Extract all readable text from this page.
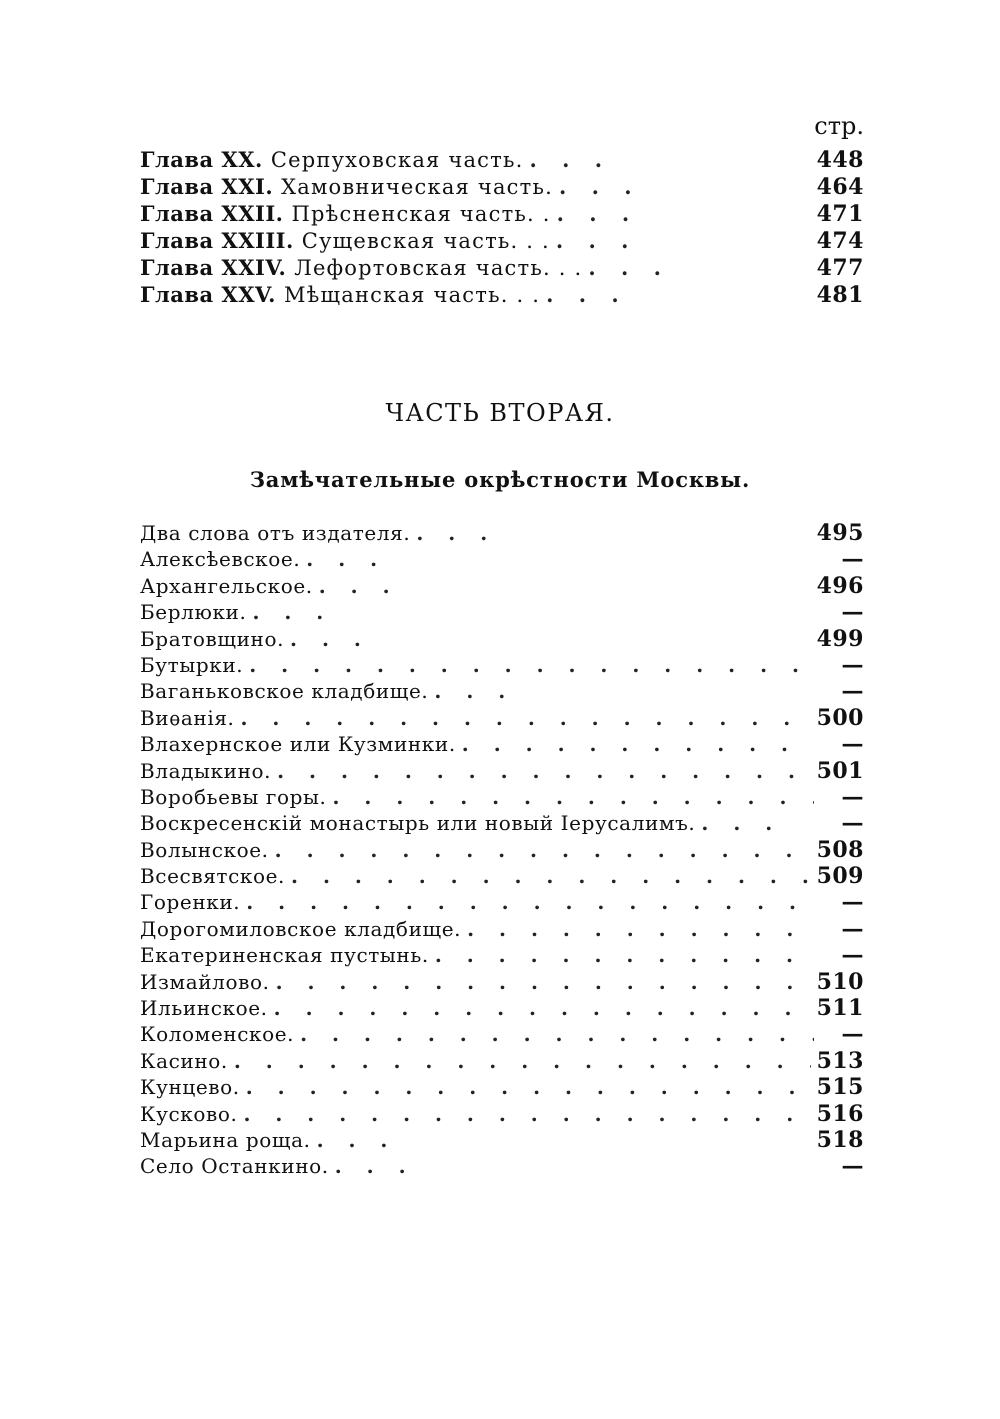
стр.
Глава XX. Серпуховская часть. . . .	448
Глава XXI. Хамовническая часть. . . .	464
Глава XXII. Прѣсненская часть. . . . .	471
Глава XXIII. Сущевская часть. . . . . .	474
Глава XXIV. Лефортовская часть. . . . . .	477
Глава XXV. Мѣщанская часть. . . . . .	481
ЧАСТЬ ВТОРАЯ.
Замѣчательные окрѣстности Москвы.
Два слова отъ издателя. . . .	495
Алексѣевское. . . .	—
Архангельское. . . .	496
Берлюки. . . .	—
Братовщино. . . .	499
Бутырки. . . .	—
Ваганьковское кладбище. . . .	—
Виѳанія. . . .	500
Влахернское или Кузминки. . . .	—
Владыкино. . . .	501
Воробьевы горы. . . .	—
Воскресенскій монастырь или новый Іерусалимъ. . . .	—
Волынское. . . .	508
Всесвятское. . . .	509
Горенки. . . .	—
Дорогомиловское кладбище. . . .	—
Екатериненская пустынь. . . .	—
Измайлово. . . .	510
Ильинское. . . .	511
Коломенское. . . .	—
Касино. . . .	513
Кунцево. . . .	515
Кусково. . . .	516
Марьина роща. . . .	518
Село Останкино. . . .	—
